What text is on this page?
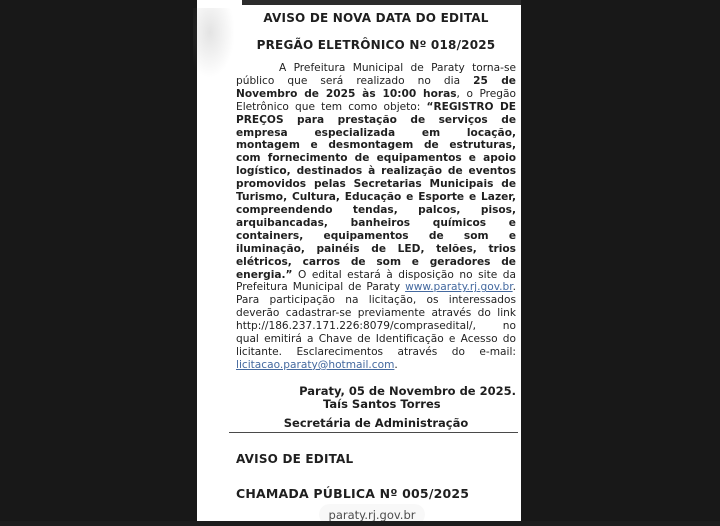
AVISO DE NOVA DATA DO EDITAL
PREGÃO ELETRÔNICO Nº 018/2025

A Prefeitura Municipal de Paraty torna-se público que será realizado no dia 25 de Novembro de 2025 às 10:00 horas, o Pregão Eletrônico que tem como objeto: “REGISTRO DE PREÇOS para prestação de serviços de empresa especializada em locação, montagem e desmontagem de estruturas, com fornecimento de equipamentos e apoio logístico, destinados à realização de eventos promovidos pelas Secretarias Municipais de Turismo, Cultura, Educação e Esporte e Lazer, compreendendo tendas, palcos, pisos, arquibancadas, banheiros químicos e containers, equipamentos de som e iluminação, painéis de LED, telões, trios elétricos, carros de som e geradores de energia.” O edital estará à disposição no site da Prefeitura Municipal de Paraty www.paraty.rj.gov.br. Para participação na licitação, os interessados deverão cadastrar-se previamente através do link http://186.237.171.226:8079/comprasedital/, no qual emitirá a Chave de Identificação e Acesso do licitante. Esclarecimentos através do e-mail: licitacao.paraty@hotmail.com.

Paraty, 05 de Novembro de 2025.
Taís Santos Torres
Secretária de Administração
AVISO DE EDITAL
CHAMADA PÚBLICA Nº 005/2025
paraty.rj.gov.br
